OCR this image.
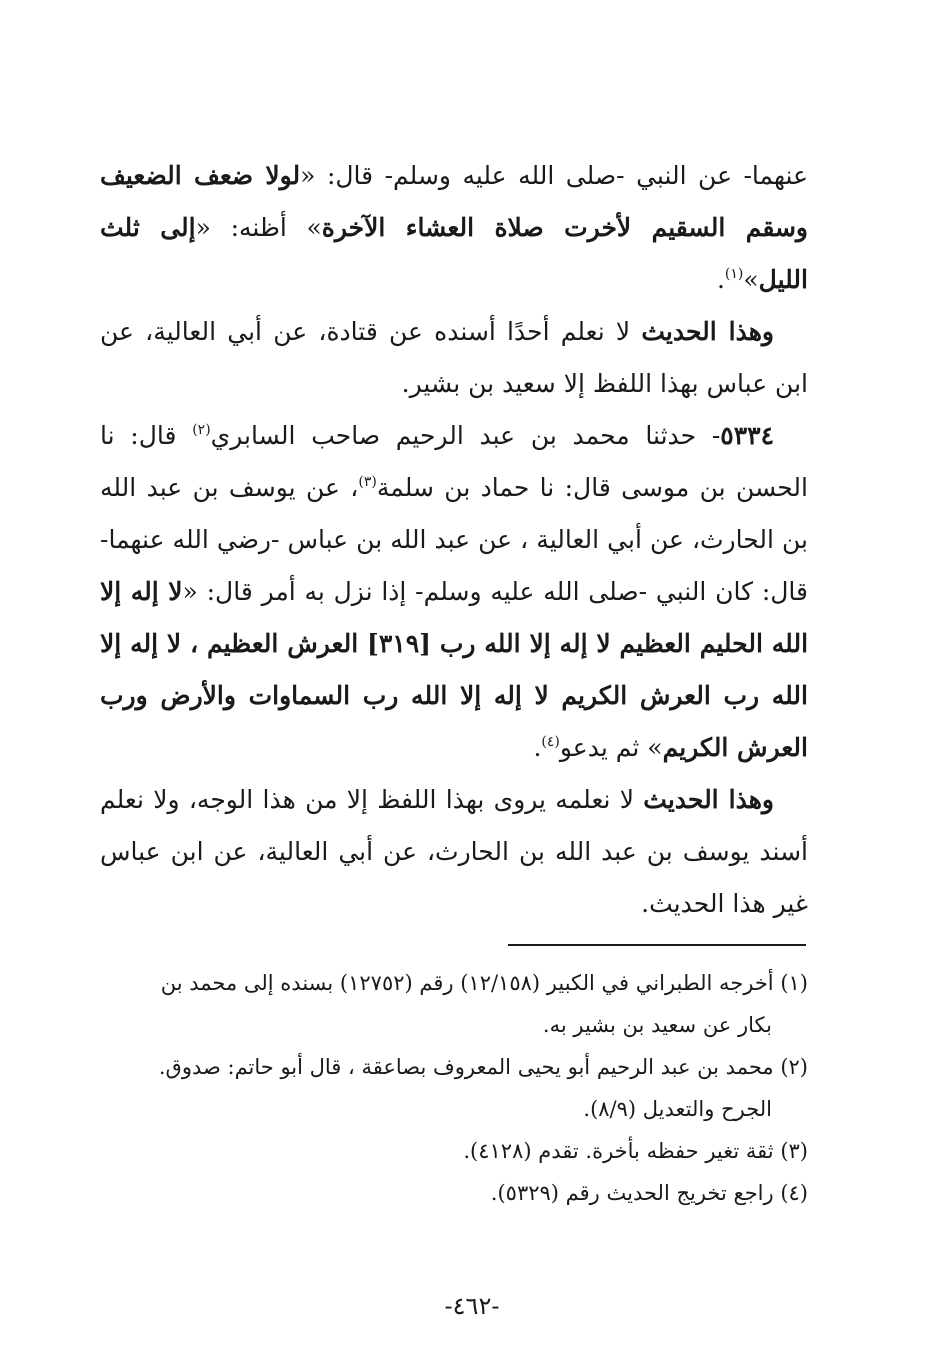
عنهما- عن النبي -صلى الله عليه وسلم- قال: «لولا ضعف الضعيف وسقم السقيم لأخرت صلاة العشاء الآخرة» أظنه: «إلى ثلث الليل»$^{(١)}$.

وهذا الحديث لا نعلم أحدًا أسنده عن قتادة، عن أبي العالية، عن ابن عباس بهذا اللفظ إلا سعيد بن بشير.

٥٣٣٤- حدثنا محمد بن عبد الرحيم صاحب السابري$^{(٢)}$ قال: نا الحسن بن موسى قال: نا حماد بن سلمة$^{(٣)}$، عن يوسف بن عبد الله بن الحارث، عن أبي العالية ، عن عبد الله بن عباس -رضي الله عنهما- قال: كان النبي -صلى الله عليه وسلم- إذا نزل به أمر قال: «لا إله إلا الله الحليم العظيم لا إله إلا الله رب [٣١٩] العرش العظيم ، لا إله إلا الله رب العرش الكريم لا إله إلا الله رب السماوات والأرض ورب العرش الكريم» ثم يدعو$^{(٤)}$.

وهذا الحديث لا نعلمه يروى بهذا اللفظ إلا من هذا الوجه، ولا نعلم أسند يوسف بن عبد الله بن الحارث، عن أبي العالية، عن ابن عباس غير هذا الحديث.

(١) أخرجه الطبراني في الكبير (١٢/١٥٨) رقم (١٢٧٥٢) بسنده إلى محمد بن
بكار عن سعيد بن بشير به.

(٢) محمد بن عبد الرحيم أبو يحيى المعروف بصاعقة ، قال أبو حاتم: صدوق.
الجرح والتعديل (٨/٩).

(٣) ثقة تغير حفظه بأخرة. تقدم (٤١٢٨).

(٤) راجع تخريج الحديث رقم (٥٣٢٩).

-٤٦٢-
